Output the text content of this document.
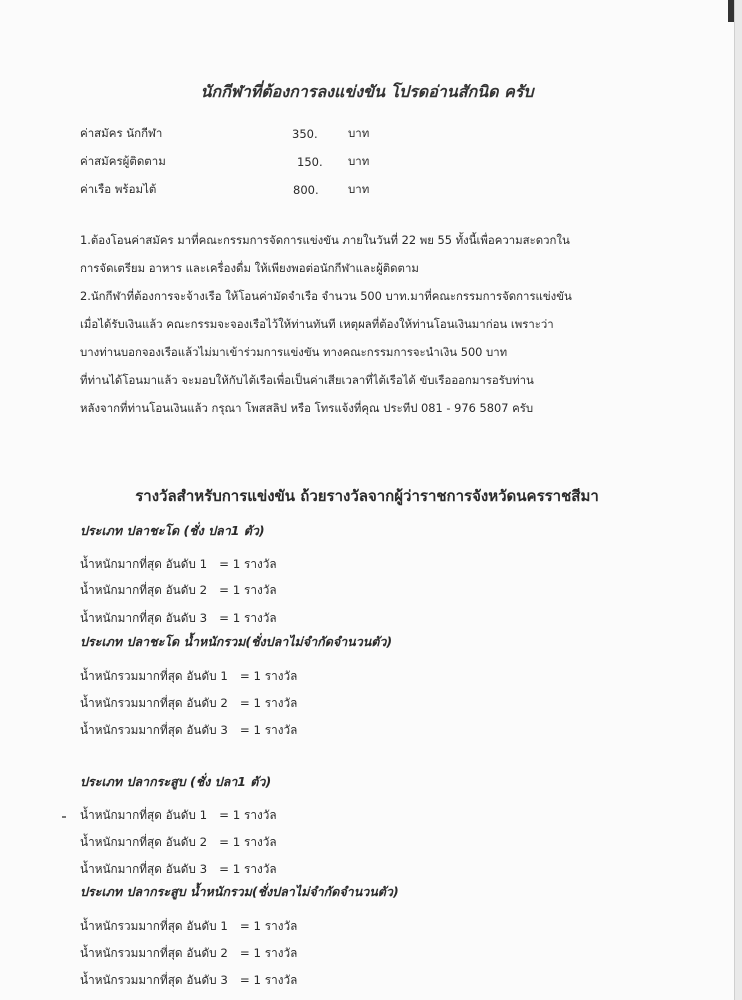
นักกีฬาที่ต้องการลงแข่งขัน โปรดอ่านสักนิด ครับ
ค่าสมัคร นักกีฬา	350.	บาท
ค่าสมัครผู้ติดตาม	150.	บาท
ค่าเรือ พร้อมไต้	800.	บาท

1.ต้องโอนค่าสมัคร มาที่คณะกรรมการจัดการแข่งขัน ภายในวันที่ 22 พย 55 ทั้งนี้เพื่อความสะดวกใน

การจัดเตรียม อาหาร และเครื่องดื่ม ให้เพียงพอต่อนักกีฬาและผู้ติดตาม

2.นักกีฬาที่ต้องการจะจ้างเรือ ให้โอนค่ามัดจำเรือ จำนวน 500 บาท.มาที่คณะกรรมการจัดการแข่งขัน

เมื่อได้รับเงินแล้ว คณะกรรมจะจองเรือไว้ให้ท่านทันที เหตุผลที่ต้องให้ท่านโอนเงินมาก่อน เพราะว่า

บางท่านบอกจองเรือแล้วไม่มาเข้าร่วมการแข่งขัน ทางคณะกรรมการจะนำเงิน 500 บาท

ที่ท่านได้โอนมาแล้ว จะมอบให้กับไต้เรือเพื่อเป็นค่าเสียเวลาที่ไต้เรือได้ ขับเรือออกมารอรับท่าน

หลังจากที่ท่านโอนเงินแล้ว กรุณา โพสสลิป หรือ โทรแจ้งที่คุณ ประทีป 081 - 976 5807 ครับ

รางวัลสำหรับการแข่งขัน ถ้วยรางวัลจากผู้ว่าราชการจังหวัดนครราชสีมา
ประเภท ปลาชะโด (ชั่ง ปลา1 ตัว)
น้ำหนักมากที่สุด อันดับ 1 = 1 รางวัล
น้ำหนักมากที่สุด อันดับ 2 = 1 รางวัล
น้ำหนักมากที่สุด อันดับ 3 = 1 รางวัล
ประเภท ปลาชะโด น้ำหนักรวม(ชั่งปลาไม่จำกัดจำนวนตัว)
น้ำหนักรวมมากที่สุด อันดับ 1 = 1 รางวัล
น้ำหนักรวมมากที่สุด อันดับ 2 = 1 รางวัล
น้ำหนักรวมมากที่สุด อันดับ 3 = 1 รางวัล
ประเภท ปลากระสูบ (ชั่ง ปลา1 ตัว)
น้ำหนักมากที่สุด อันดับ 1 = 1 รางวัล
น้ำหนักมากที่สุด อันดับ 2 = 1 รางวัล
น้ำหนักมากที่สุด อันดับ 3 = 1 รางวัล
ประเภท ปลากระสูบ น้ำหนักรวม(ชั่งปลาไม่จำกัดจำนวนตัว)
น้ำหนักรวมมากที่สุด อันดับ 1 = 1 รางวัล
น้ำหนักรวมมากที่สุด อันดับ 2 = 1 รางวัล
น้ำหนักรวมมากที่สุด อันดับ 3 = 1 รางวัล
